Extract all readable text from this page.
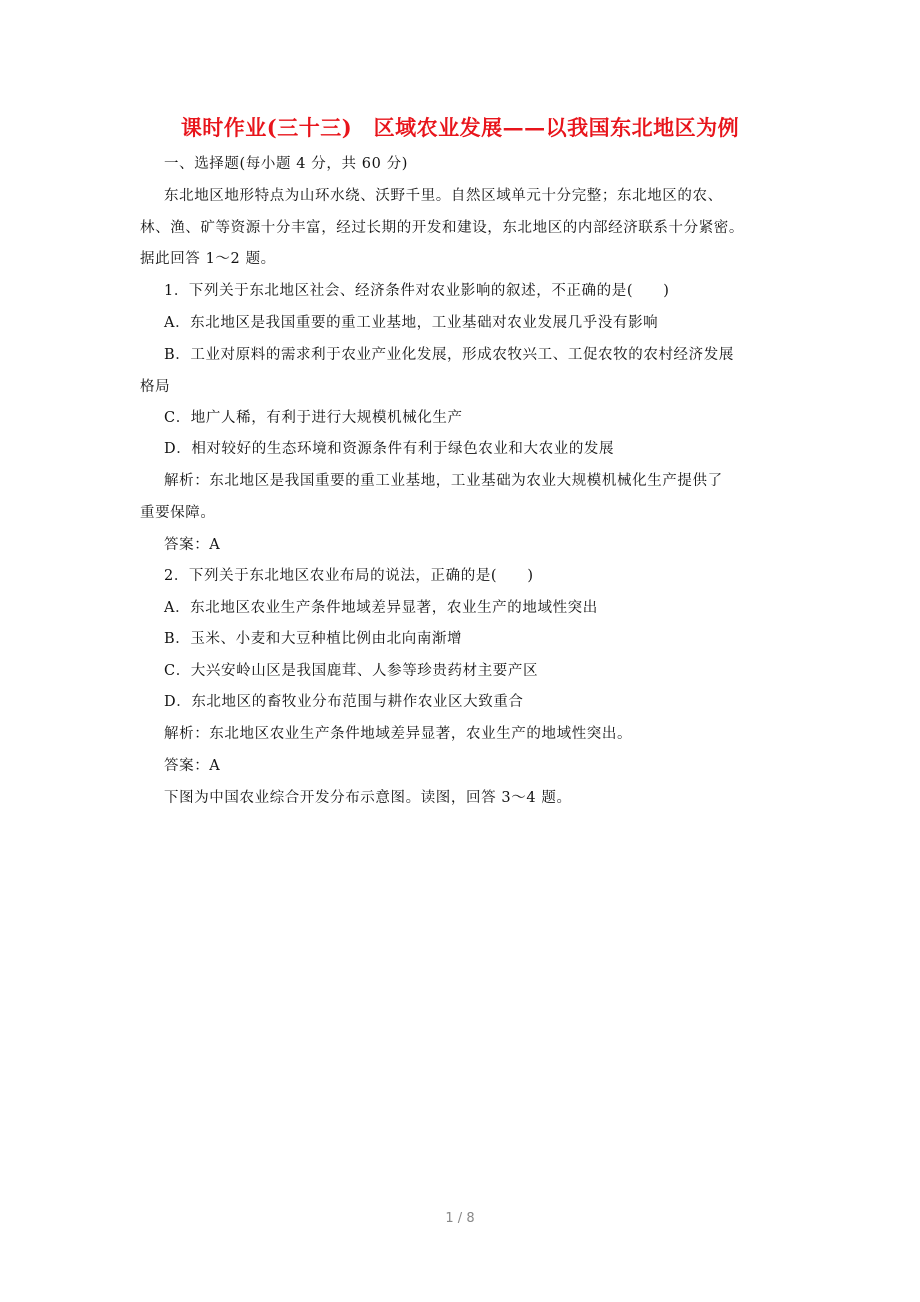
课时作业(三十三)　区域农业发展——以我国东北地区为例
一、选择题(每小题 4 分，共 60 分)
东北地区地形特点为山环水绕、沃野千里。自然区域单元十分完整；东北地区的农、
林、渔、矿等资源十分丰富，经过长期的开发和建设，东北地区的内部经济联系十分紧密。
据此回答 1～2 题。
1．下列关于东北地区社会、经济条件对农业影响的叙述，不正确的是(　　)
A．东北地区是我国重要的重工业基地，工业基础对农业发展几乎没有影响
B．工业对原料的需求利于农业产业化发展，形成农牧兴工、工促农牧的农村经济发展
格局
C．地广人稀，有利于进行大规模机械化生产
D．相对较好的生态环境和资源条件有利于绿色农业和大农业的发展
解析：东北地区是我国重要的重工业基地，工业基础为农业大规模机械化生产提供了
重要保障。
答案：A
2．下列关于东北地区农业布局的说法，正确的是(　　)
A．东北地区农业生产条件地域差异显著，农业生产的地域性突出
B．玉米、小麦和大豆种植比例由北向南渐增
C．大兴安岭山区是我国鹿茸、人参等珍贵药材主要产区
D．东北地区的畜牧业分布范围与耕作农业区大致重合
解析：东北地区农业生产条件地域差异显著，农业生产的地域性突出。
答案：A
下图为中国农业综合开发分布示意图。读图，回答 3～4 题。
1 / 8
